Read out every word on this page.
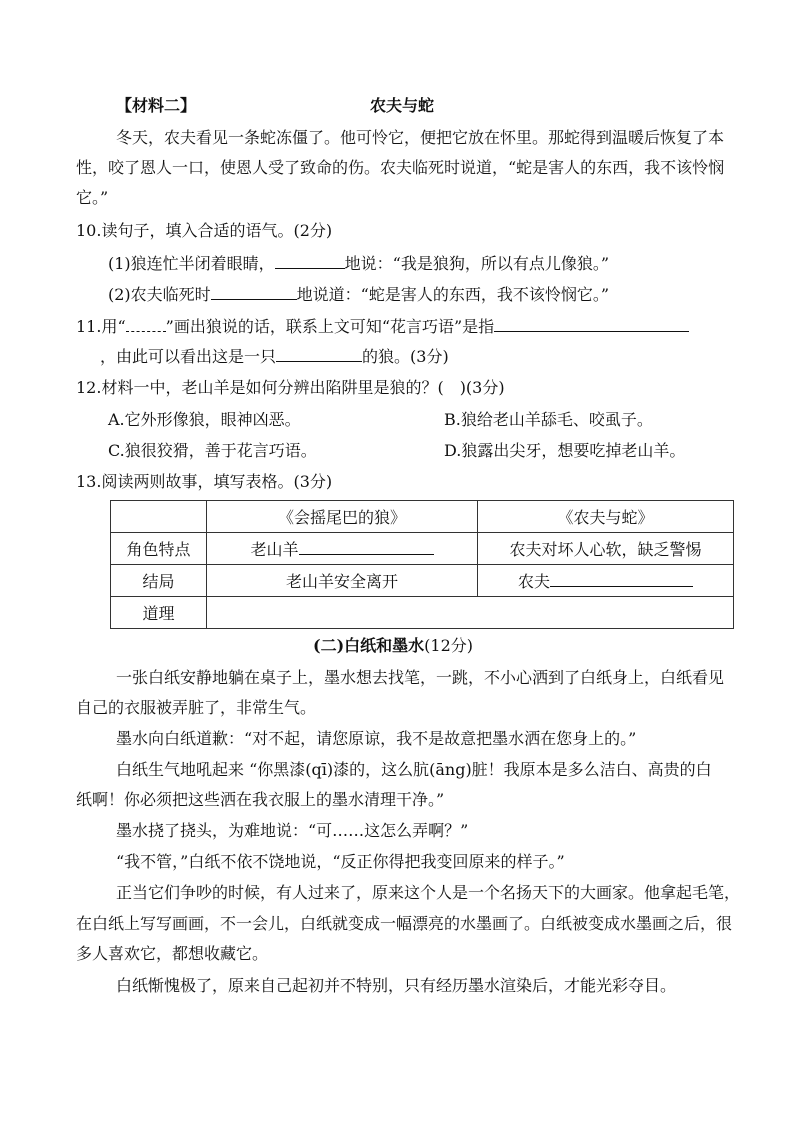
【材料二】	农夫与蛇
冬天，农夫看见一条蛇冻僵了。他可怜它，便把它放在怀里。那蛇得到温暖后恢复了本
性，咬了恩人一口，使恩人受了致命的伤。农夫临死时说道，“蛇是害人的东西，我不该怜悯
它。”
10.读句子，填入合适的语气。(2分)
(1)狼连忙半闭着眼睛，	地说：“我是狼狗，所以有点儿像狼。”
(2)农夫临死时	地说道：“蛇是害人的东西，我不该怜悯它。”
11.用“	”画出狼说的话，联系上文可知“花言巧语”是指
，由此可以看出这是一只	的狼。(3分)
12.材料一中，老山羊是如何分辨出陷阱里是狼的？(　)(3分)
A.它外形像狼，眼神凶恶。	B.狼给老山羊舔毛、咬虱子。
C.狼很狡猾，善于花言巧语。	D.狼露出尖牙，想要吃掉老山羊。
13.阅读两则故事，填写表格。(3分)
	《会摇尾巴的狼》	《农夫与蛇》
角色特点	老山羊	农夫对坏人心软，缺乏警惕
结局	老山羊安全离开	农夫
道理		
(二)白纸和墨水(12分)
一张白纸安静地躺在桌子上，墨水想去找笔，一跳，不小心洒到了白纸身上，白纸看见
自己的衣服被弄脏了，非常生气。
墨水向白纸道歉：“对不起，请您原谅，我不是故意把墨水洒在您身上的。”
白纸生气地吼起来 “你黑漆(qī)漆的，这么肮(āng)脏！我原本是多么洁白、高贵的白
纸啊！你必须把这些洒在我衣服上的墨水清理干净。”
墨水挠了挠头，为难地说：“可……这怎么弄啊？”
“我不管，”白纸不依不饶地说，“反正你得把我变回原来的样子。”
正当它们争吵的时候，有人过来了，原来这个人是一个名扬天下的大画家。他拿起毛笔，
在白纸上写写画画，不一会儿，白纸就变成一幅漂亮的水墨画了。白纸被变成水墨画之后，很
多人喜欢它，都想收藏它。
白纸惭愧极了，原来自己起初并不特别，只有经历墨水渲染后，才能光彩夺目。
